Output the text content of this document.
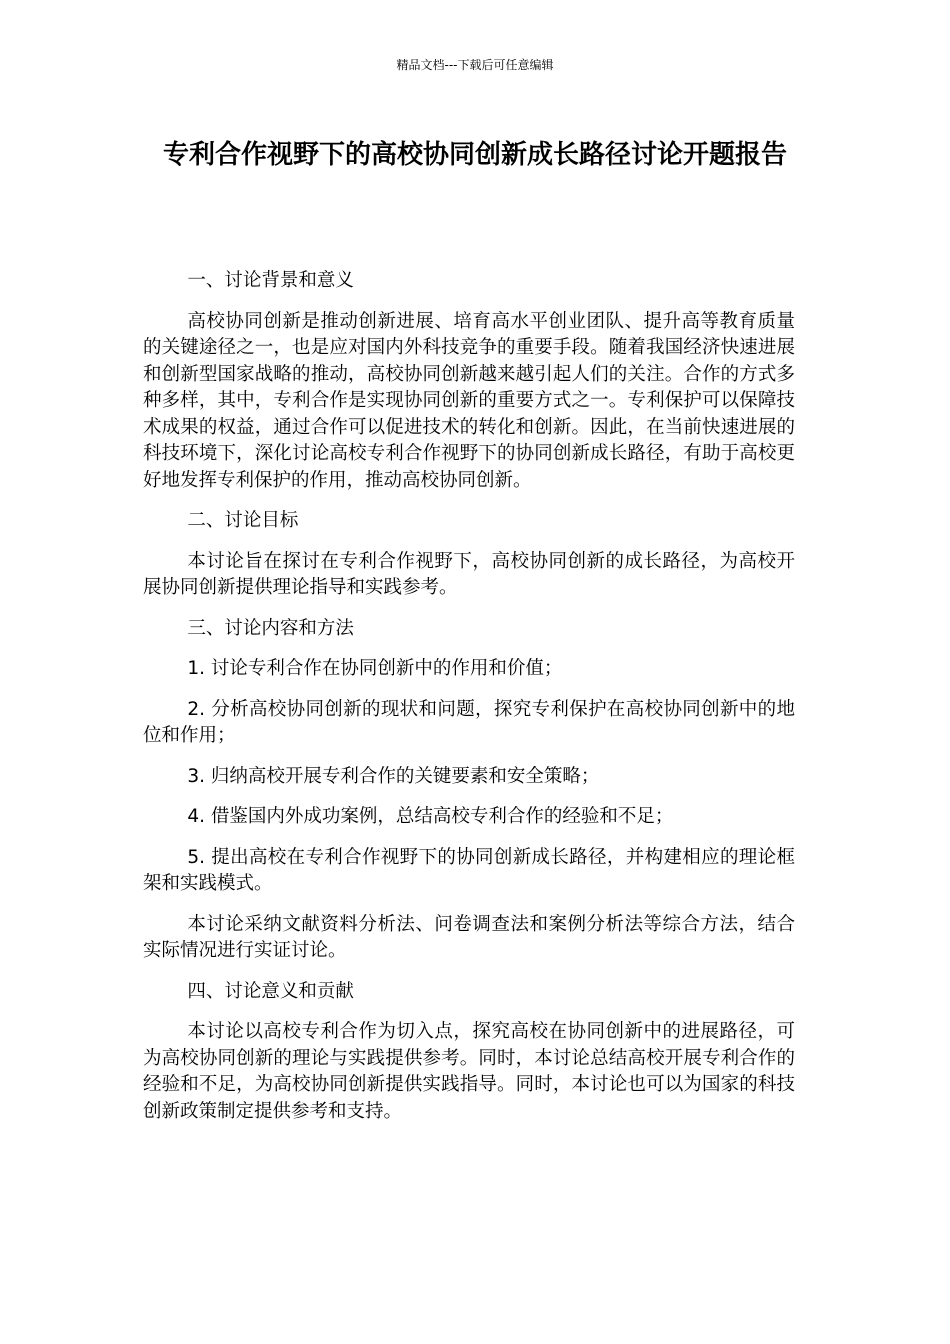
精品文档---下载后可任意编辑
专利合作视野下的高校协同创新成长路径讨论开题报告

一、讨论背景和意义

高校协同创新是推动创新进展、培育高水平创业团队、提升高等教育质量的关键途径之一，也是应对国内外科技竞争的重要手段。随着我国经济快速进展和创新型国家战略的推动，高校协同创新越来越引起人们的关注。合作的方式多种多样，其中，专利合作是实现协同创新的重要方式之一。专利保护可以保障技术成果的权益，通过合作可以促进技术的转化和创新。因此，在当前快速进展的科技环境下，深化讨论高校专利合作视野下的协同创新成长路径，有助于高校更好地发挥专利保护的作用，推动高校协同创新。

二、讨论目标

本讨论旨在探讨在专利合作视野下，高校协同创新的成长路径，为高校开展协同创新提供理论指导和实践参考。

三、讨论内容和方法

1. 讨论专利合作在协同创新中的作用和价值；

2. 分析高校协同创新的现状和问题，探究专利保护在高校协同创新中的地位和作用；

3. 归纳高校开展专利合作的关键要素和安全策略；

4. 借鉴国内外成功案例，总结高校专利合作的经验和不足；

5. 提出高校在专利合作视野下的协同创新成长路径，并构建相应的理论框架和实践模式。

本讨论采纳文献资料分析法、问卷调查法和案例分析法等综合方法，结合实际情况进行实证讨论。

四、讨论意义和贡献

本讨论以高校专利合作为切入点，探究高校在协同创新中的进展路径，可为高校协同创新的理论与实践提供参考。同时，本讨论总结高校开展专利合作的经验和不足，为高校协同创新提供实践指导。同时，本讨论也可以为国家的科技创新政策制定提供参考和支持。
